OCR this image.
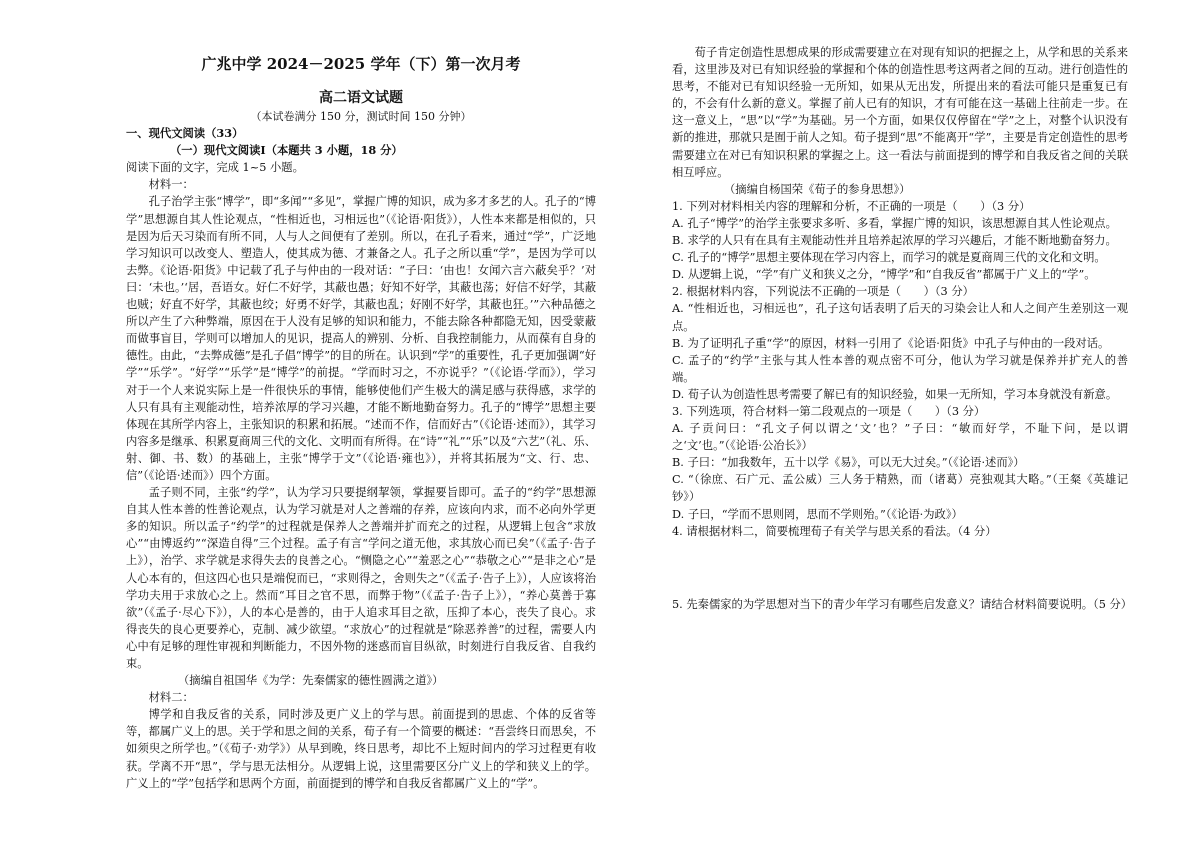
广兆中学 2024－2025 学年（下）第一次月考
高二语文试题
（本试卷满分 150 分，测试时间 150 分钟）
一、现代文阅读（33）
（一）现代文阅读Ⅰ（本题共 3 小题，18 分）

阅读下面的文字，完成 1~5 小题。

材料一：

孔子治学主张“博学”，即“多闻”“多见”，掌握广博的知识，成为多才多艺的人。孔子的“博学”思想源自其人性论观点，“性相近也，习相远也”（《论语·阳货》），人性本来都是相似的，只是因为后天习染而有所不同，人与人之间便有了差别。所以，在孔子看来，通过“学”，广泛地学习知识可以改变人、塑造人，使其成为德、才兼备之人。孔子之所以重“学”，是因为学可以去弊。《论语·阳货》中记载了孔子与仲由的一段对话：“子曰：‘由也！女闻六言六蔽矣乎？’对曰：‘未也。’‘居，吾语女。好仁不好学，其蔽也愚；好知不好学，其蔽也荡；好信不好学，其蔽也贼；好直不好学，其蔽也绞；好勇不好学，其蔽也乱；好刚不好学，其蔽也狂。’”六种品德之所以产生了六种弊端，原因在于人没有足够的知识和能力，不能去除各种都隐无知，因受蒙蔽而做事盲目，学则可以增加人的见识，提高人的辨别、分析、自我控制能力，从而葆有自身的德性。由此，“去弊成德”是孔子倡“博学”的目的所在。认识到“学”的重要性，孔子更加强调“好学”“乐学”。“好学”“乐学”是“博学”的前提。“学而时习之，不亦说乎？”（《论语·学而》），学习对于一个人来说实际上是一件很快乐的事情，能够使他们产生极大的满足感与获得感，求学的人只有具有主观能动性，培养浓厚的学习兴趣，才能不断地勤奋努力。孔子的“博学”思想主要体现在其所学内容上，主张知识的积累和拓展。“述而不作，信而好古”（《论语·述而》），其学习内容多是继承、积累夏商周三代的文化、文明而有所得。在“诗”“礼”“乐”以及“六艺”（礼、乐、射、御、书、数）的基础上，主张“博学于文”（《论语·雍也》），并将其拓展为“文、行、忠、信”（《论语·述而》）四个方面。

孟子则不同，主张“约学”，认为学习只要提纲挈领，掌握要旨即可。孟子的“约学”思想源自其人性本善的性善论观点，认为学习就是对人之善端的存养，应该向内求，而不必向外学更多的知识。所以孟子“约学”的过程就是保养人之善端并扩而充之的过程，从逻辑上包含“求放心”“由博返约”“深造自得”三个过程。孟子有言“学问之道无他，求其放心而已矣”（《孟子·告子上》），治学、求学就是求得失去的良善之心。“恻隐之心”“羞恶之心”“恭敬之心”“是非之心”是人心本有的，但这四心也只是端倪而已，“求则得之，舍则失之”（《孟子·告子上》），人应该将治学功夫用于求放心之上。然而“耳目之官不思，而弊于物”（《孟子·告子上》），“养心莫善于寡欲”（《孟子·尽心下》），人的本心是善的，由于人追求耳目之欲，压抑了本心，丧失了良心。求得丧失的良心更要养心，克制、减少欲望。“求放心”的过程就是“除恶养善”的过程，需要人内心中有足够的理性审视和判断能力，不因外物的迷惑而盲目纵欲，时刻进行自我反省、自我约束。

（摘编自祖国华《为学：先秦儒家的德性圆满之道》）

材料二：

博学和自我反省的关系，同时涉及更广义上的学与思。前面提到的思虑、个体的反省等等，都属广义上的思。关于学和思之间的关系，荀子有一个简要的概述：“吾尝终日而思矣，不如须臾之所学也。”（《荀子·劝学》）从早到晚，终日思考，却比不上短时间内的学习过程更有收获。学离不开“思”，学与思无法相分。从逻辑上说，这里需要区分广义上的学和狭义上的学。广义上的“学”包括学和思两个方面，前面提到的博学和自我反省都属广义上的“学”。

荀子肯定创造性思想成果的形成需要建立在对现有知识的把握之上，从学和思的关系来看，这里涉及对已有知识经验的掌握和个体的创造性思考这两者之间的互动。进行创造性的思考，不能对已有知识经验一无所知，如果从无出发，所提出来的看法可能只是重复已有的，不会有什么新的意义。掌握了前人已有的知识，才有可能在这一基础上往前走一步。在这一意义上，“思”以“学”为基础。另一个方面，如果仅仅停留在“学”之上，对整个认识没有新的推进，那就只是囿于前人之知。荀子提到“思”不能离开“学”，主要是肯定创造性的思考需要建立在对已有知识积累的掌握之上。这一看法与前面提到的博学和自我反省之间的关联相互呼应。

（摘编自杨国荣《荀子的参身思想》）

1. 下列对材料相关内容的理解和分析，不正确的一项是（　　）（3 分）

A. 孔子“博学”的治学主张要求多听、多看，掌握广博的知识，该思想源自其人性论观点。

B. 求学的人只有在具有主观能动性并且培养起浓厚的学习兴趣后，才能不断地勤奋努力。

C. 孔子的“博学”思想主要体现在学习内容上，而学习的就是夏商周三代的文化和文明。

D. 从逻辑上说，“学”有广义和狭义之分，“博学”和“自我反省”都属于广义上的“学”。

2. 根据材料内容，下列说法不正确的一项是（　　）（3 分）

A. “性相近也，习相远也”，孔子这句话表明了后天的习染会让人和人之间产生差别这一观点。

B. 为了证明孔子重“学”的原因，材料一引用了《论语·阳货》中孔子与仲由的一段对话。

C. 孟子的“约学”主张与其人性本善的观点密不可分，他认为学习就是保养并扩充人的善端。

D. 荀子认为创造性思考需要了解已有的知识经验，如果一无所知，学习本身就没有新意。

3. 下列选项，符合材料一第二段观点的一项是（　　）（3 分）

A. 子贡问曰：“孔文子何以谓之‘文’也？”子曰：“敏而好学，不耻下问，是以谓之‘文’也。”（《论语·公冶长》）

B. 子曰：“加我数年，五十以学《易》，可以无大过矣。”（《论语·述而》）

C. “（徐庶、石广元、孟公威）三人务于精熟，而（诸葛）亮独观其大略。”（王粲《英雄记钞》）

D. 子曰，“学而不思则罔，思而不学则殆。”（《论语·为政》）

4. 请根据材料二，简要梳理荀子有关学与思关系的看法。（4 分）

5. 先秦儒家的为学思想对当下的青少年学习有哪些启发意义？请结合材料简要说明。（5 分）
